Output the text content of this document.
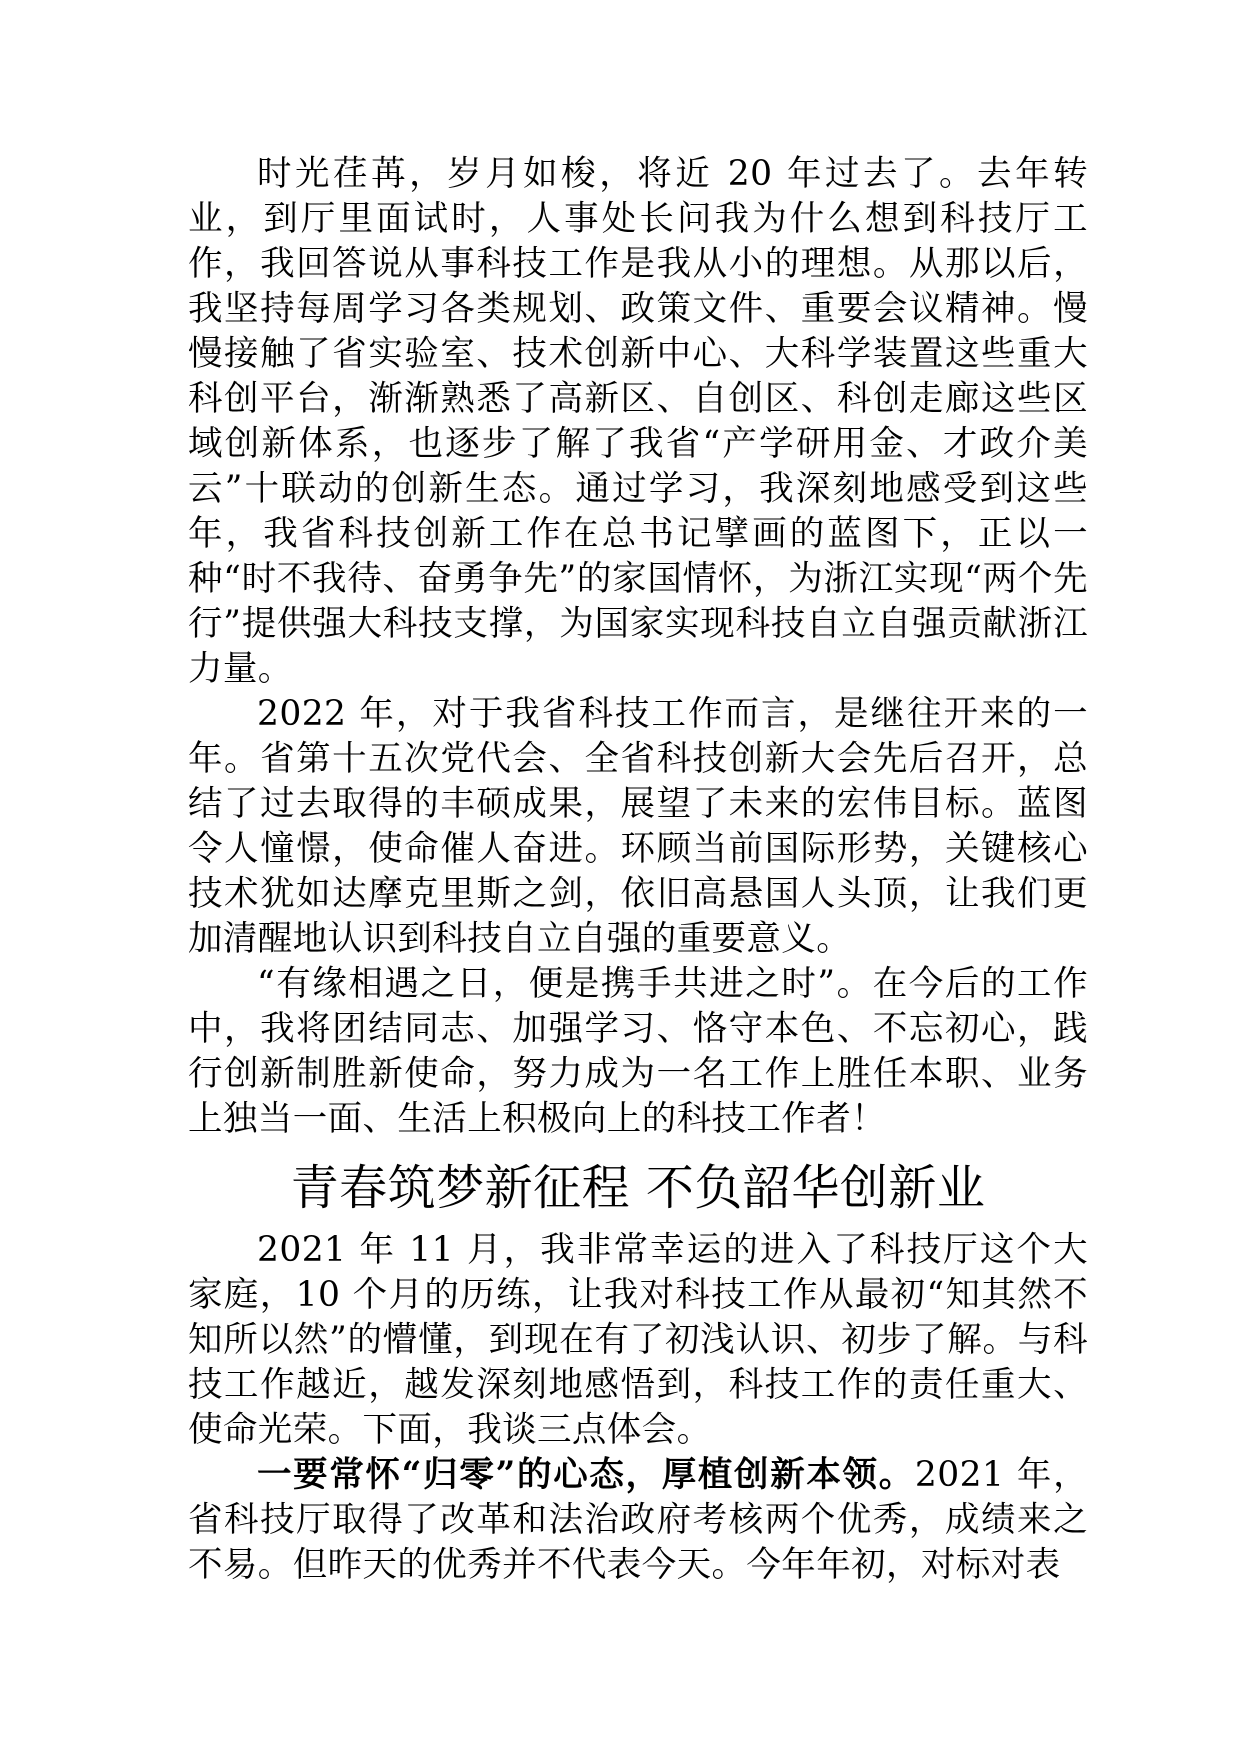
时光荏苒，岁月如梭，将近 20 年过去了。去年转业，到厅里面试时，人事处长问我为什么想到科技厅工作，我回答说从事科技工作是我从小的理想。从那以后，我坚持每周学习各类规划、政策文件、重要会议精神。慢慢接触了省实验室、技术创新中心、大科学装置这些重大科创平台，渐渐熟悉了高新区、自创区、科创走廊这些区域创新体系，也逐步了解了我省“产学研用金、才政介美云”十联动的创新生态。通过学习，我深刻地感受到这些年，我省科技创新工作在总书记擘画的蓝图下，正以一种“时不我待、奋勇争先”的家国情怀，为浙江实现“两个先行”提供强大科技支撑，为国家实现科技自立自强贡献浙江力量。

2022 年，对于我省科技工作而言，是继往开来的一年。省第十五次党代会、全省科技创新大会先后召开，总结了过去取得的丰硕成果，展望了未来的宏伟目标。蓝图令人憧憬，使命催人奋进。环顾当前国际形势，关键核心技术犹如达摩克里斯之剑，依旧高悬国人头顶，让我们更加清醒地认识到科技自立自强的重要意义。

“有缘相遇之日，便是携手共进之时”。在今后的工作中，我将团结同志、加强学习、恪守本色、不忘初心，践行创新制胜新使命，努力成为一名工作上胜任本职、业务上独当一面、生活上积极向上的科技工作者！

青春筑梦新征程 不负韶华创新业

2021 年 11 月，我非常幸运的进入了科技厅这个大家庭，10 个月的历练，让我对科技工作从最初“知其然不知所以然”的懵懂，到现在有了初浅认识、初步了解。与科技工作越近，越发深刻地感悟到，科技工作的责任重大、使命光荣。下面，我谈三点体会。

一要常怀“归零”的心态，厚植创新本领。2021 年，省科技厅取得了改革和法治政府考核两个优秀，成绩来之不易。但昨天的优秀并不代表今天。今年年初，对标对表
